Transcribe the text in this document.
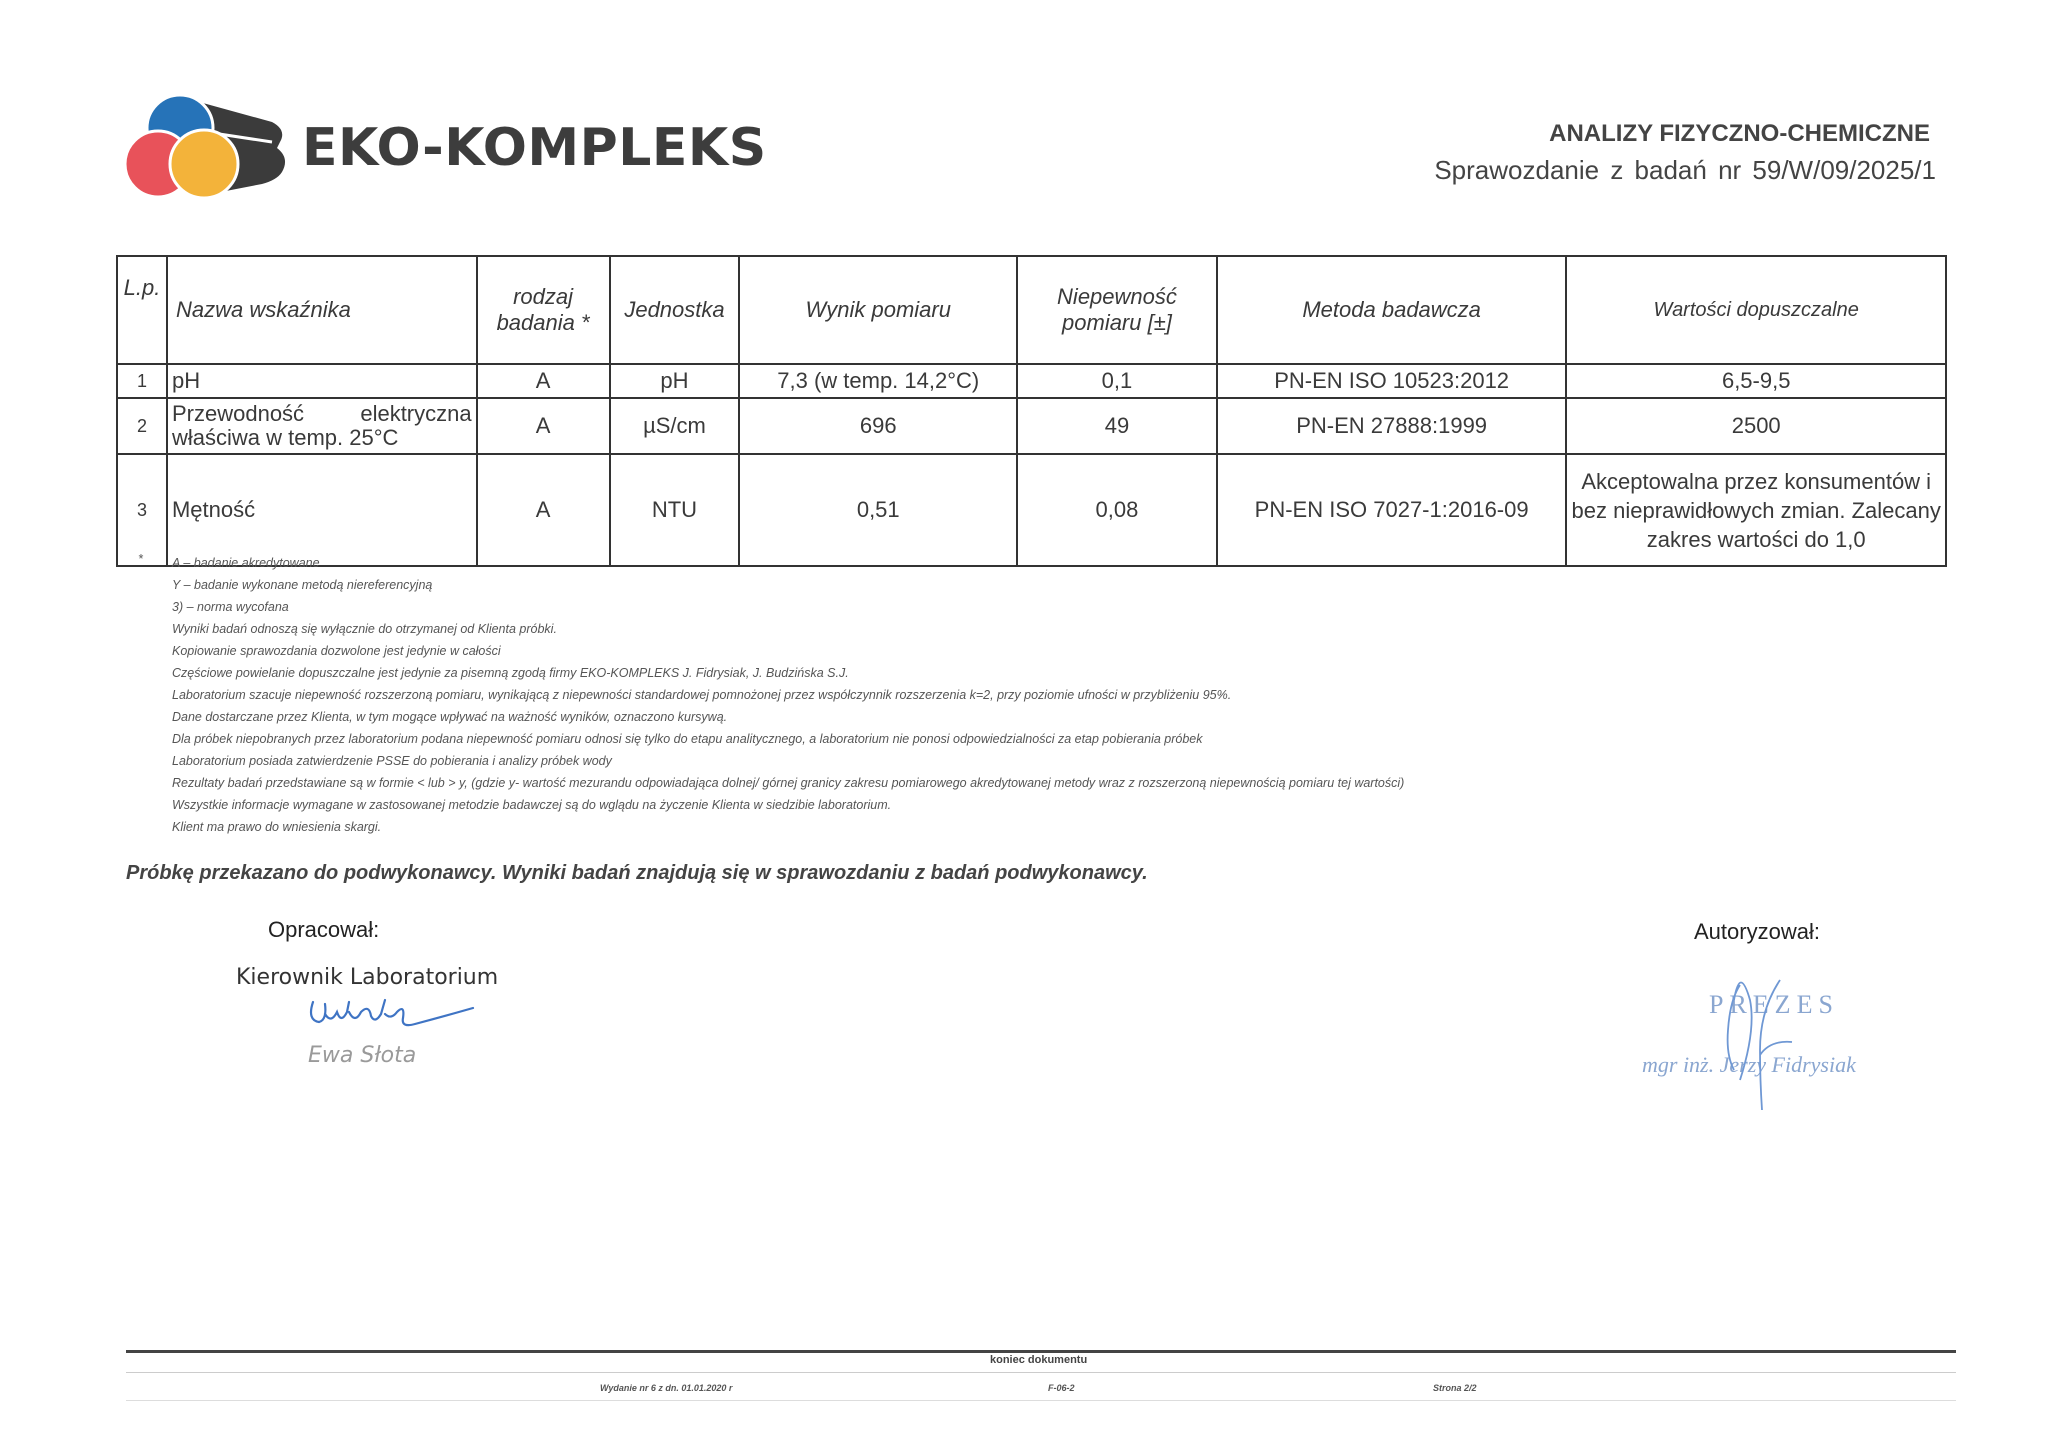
EKO-KOMPLEKS	ANALIZY FIZYCZNO-CHEMICZNE
Sprawozdanie z badań nr 59/W/09/2025/1
L.p.	Nazwa wskaźnika	rodzaj badania *	Jednostka	Wynik pomiaru	Niepewność pomiaru [±]	Metoda badawcza	Wartości dopuszczalne
1	pH	A	pH	7,3 (w temp. 14,2°C)	0,1	PN-EN ISO 10523:2012	6,5-9,5
2	Przewodność elektryczna właściwa w temp. 25°C	A	µS/cm	696	49	PN-EN 27888:1999	2500
3	Mętność	A	NTU	0,51	0,08	PN-EN ISO 7027-1:2016-09	Akceptowalna przez konsumentów i bez nieprawidłowych zmian. Zalecany zakres wartości do 1,0
* A – badanie akredytowane
Y – badanie wykonane metodą niereferencyjną
3) – norma wycofana
Wyniki badań odnoszą się wyłącznie do otrzymanej od Klienta próbki.
Kopiowanie sprawozdania dozwolone jest jedynie w całości
Częściowe powielanie dopuszczalne jest jedynie za pisemną zgodą firmy EKO-KOMPLEKS J. Fidrysiak, J. Budzińska S.J.
Laboratorium szacuje niepewność rozszerzoną pomiaru, wynikającą z niepewności standardowej pomnożonej przez współczynnik rozszerzenia k=2, przy poziomie ufności w przybliżeniu 95%.
Dane dostarczane przez Klienta, w tym mogące wpływać na ważność wyników, oznaczono kursywą.
Dla próbek niepobranych przez laboratorium podana niepewność pomiaru odnosi się tylko do etapu analitycznego, a laboratorium nie ponosi odpowiedzialności za etap pobierania próbek
Laboratorium posiada zatwierdzenie PSSE do pobierania i analizy próbek wody
Rezultaty badań przedstawiane są w formie < lub > y, (gdzie y- wartość mezurandu odpowiadająca dolnej/ górnej granicy zakresu pomiarowego akredytowanej metody wraz z rozszerzoną niepewnością pomiaru tej wartości)
Wszystkie informacje wymagane w zastosowanej metodzie badawczej są do wglądu na życzenie Klienta w siedzibie laboratorium.
Klient ma prawo do wniesienia skargi.
Próbkę przekazano do podwykonawcy. Wyniki badań znajdują się w sprawozdaniu z badań podwykonawcy.
Opracował:
Kierownik Laboratorium
Ewa Słota
Autoryzował:
PREZES
mgr inż. Jerzy Fidrysiak
koniec dokumentu
Wydanie nr 6 z dn. 01.01.2020 r	F-06-2	Strona 2/2
